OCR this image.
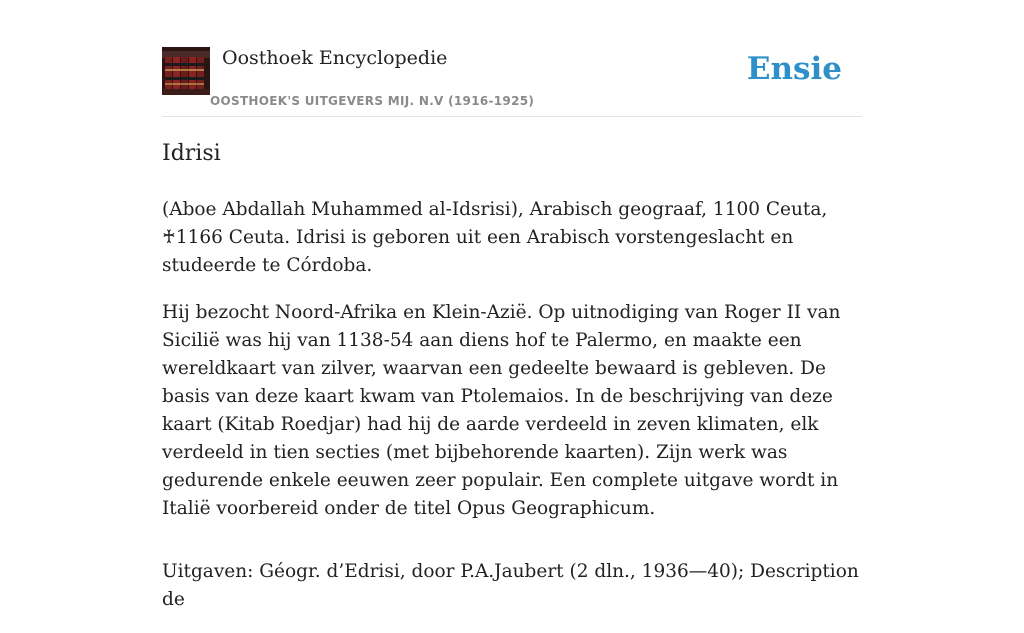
Oosthoek Encyclopedie
OOSTHOEK'S UITGEVERS MIJ. N.V (1916-1925)
Ensie
Idrisi

(Aboe Abdallah Muhammed al-Idsrisi), Arabisch geograaf, 1100 Ceuta, ♰1166 Ceuta. Idrisi is geboren uit een Arabisch vorstengeslacht en studeerde te Córdoba.

Hij bezocht Noord-Afrika en Klein-Azië. Op uitnodiging van Roger II van Sicilië was hij van 1138-54 aan diens hof te Palermo, en maakte een wereldkaart van zilver, waarvan een gedeelte bewaard is gebleven. De basis van deze kaart kwam van Ptolemaios. In de beschrijving van deze kaart (Kitab Roedjar) had hij de aarde verdeeld in zeven klimaten, elk verdeeld in tien secties (met bijbehorende kaarten). Zijn werk was gedurende enkele eeuwen zeer populair. Een complete uitgave wordt in Italië voorbereid onder de titel Opus Geographicum.

Uitgaven: Géogr. d’Edrisi, door P.A.Jaubert (2 dln., 1936—40); Description de
